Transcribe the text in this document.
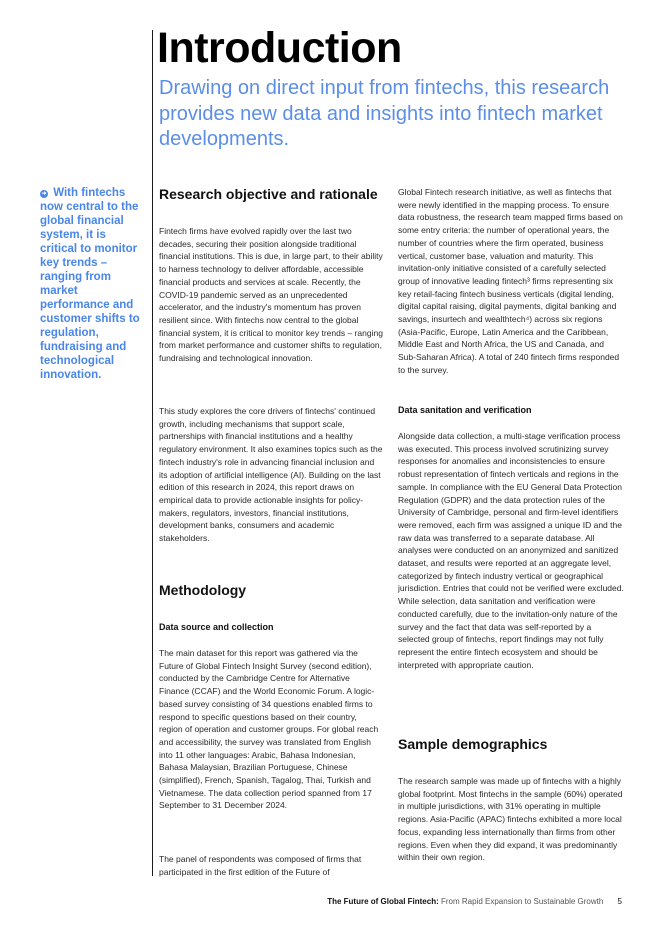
Introduction

Drawing on direct input from fintechs, this research provides new data and insights into fintech market developments.

➜ With fintechs now central to the global financial system, it is critical to monitor key trends – ranging from market performance and customer shifts to regulation, fundraising and technological innovation.

Research objective and rationale

Fintech firms have evolved rapidly over the last two decades, securing their position alongside traditional financial institutions. This is due, in large part, to their ability to harness technology to deliver affordable, accessible financial products and services at scale. Recently, the COVID-19 pandemic served as an unprecedented accelerator, and the industry's momentum has proven resilient since. With fintechs now central to the global financial system, it is critical to monitor key trends – ranging from market performance and customer shifts to regulation, fundraising and technological innovation.

This study explores the core drivers of fintechs' continued growth, including mechanisms that support scale, partnerships with financial institutions and a healthy regulatory environment. It also examines topics such as the fintech industry's role in advancing financial inclusion and its adoption of artificial intelligence (AI). Building on the last edition of this research in 2024, this report draws on empirical data to provide actionable insights for policy-makers, regulators, investors, financial institutions, development banks, consumers and academic stakeholders.

Methodology
Data source and collection

The main dataset for this report was gathered via the Future of Global Fintech Insight Survey (second edition), conducted by the Cambridge Centre for Alternative Finance (CCAF) and the World Economic Forum. A logic-based survey consisting of 34 questions enabled firms to respond to specific questions based on their country, region of operation and customer groups. For global reach and accessibility, the survey was translated from English into 11 other languages: Arabic, Bahasa Indonesian, Bahasa Malaysian, Brazilian Portuguese, Chinese (simplified), French, Spanish, Tagalog, Thai, Turkish and Vietnamese. The data collection period spanned from 17 September to 31 December 2024.

The panel of respondents was composed of firms that participated in the first edition of the Future of

Global Fintech research initiative, as well as fintechs that were newly identified in the mapping process. To ensure data robustness, the research team mapped firms based on some entry criteria: the number of operational years, the number of countries where the firm operated, business vertical, customer base, valuation and maturity. This invitation-only initiative consisted of a carefully selected group of innovative leading fintech³ firms representing six key retail-facing fintech business verticals (digital lending, digital capital raising, digital payments, digital banking and savings, insurtech and wealthtech⁴) across six regions (Asia-Pacific, Europe, Latin America and the Caribbean, Middle East and North Africa, the US and Canada, and Sub-Saharan Africa). A total of 240 fintech firms responded to the survey.

Data sanitation and verification

Alongside data collection, a multi-stage verification process was executed. This process involved scrutinizing survey responses for anomalies and inconsistencies to ensure robust representation of fintech verticals and regions in the sample. In compliance with the EU General Data Protection Regulation (GDPR) and the data protection rules of the University of Cambridge, personal and firm-level identifiers were removed, each firm was assigned a unique ID and the raw data was transferred to a separate database. All analyses were conducted on an anonymized and sanitized dataset, and results were reported at an aggregate level, categorized by fintech industry vertical or geographical jurisdiction. Entries that could not be verified were excluded. While selection, data sanitation and verification were conducted carefully, due to the invitation-only nature of the survey and the fact that data was self-reported by a selected group of fintechs, report findings may not fully represent the entire fintech ecosystem and should be interpreted with appropriate caution.

Sample demographics

The research sample was made up of fintechs with a highly global footprint. Most fintechs in the sample (60%) operated in multiple jurisdictions, with 31% operating in multiple regions. Asia-Pacific (APAC) fintechs exhibited a more local focus, expanding less internationally than firms from other regions. Even when they did expand, it was predominantly within their own region.

The Future of Global Fintech: From Rapid Expansion to Sustainable Growth 5
